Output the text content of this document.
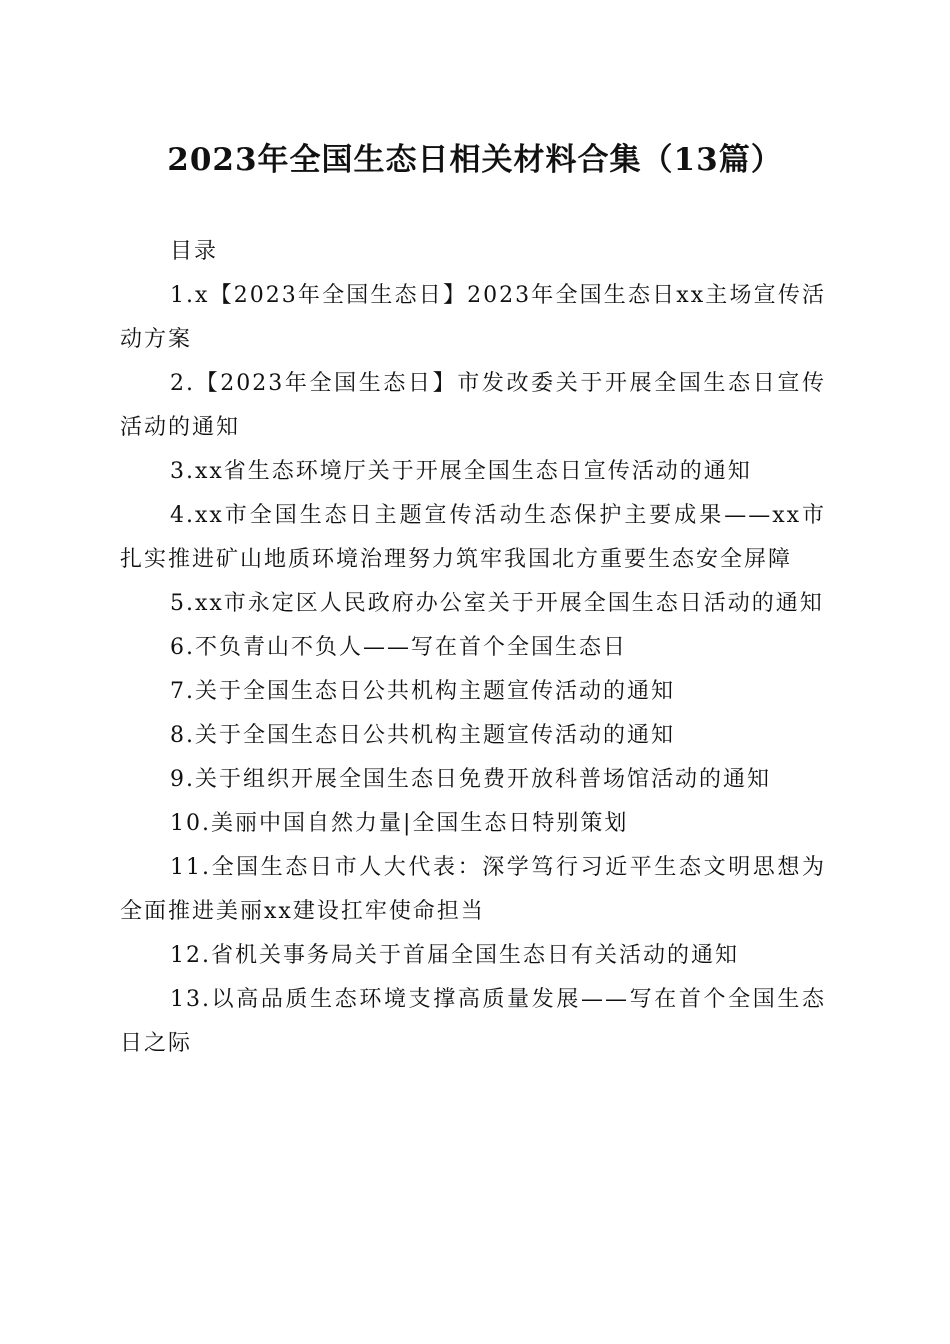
2023年全国生态日相关材料合集（13篇）

目录

1.x【2023年全国生态日】2023年全国生态日xx主场宣传活动方案
2.【2023年全国生态日】市发改委关于开展全国生态日宣传活动的通知
3.xx省生态环境厅关于开展全国生态日宣传活动的通知
4.xx市全国生态日主题宣传活动生态保护主要成果——xx市扎实推进矿山地质环境治理努力筑牢我国北方重要生态安全屏障
5.xx市永定区人民政府办公室关于开展全国生态日活动的通知
6.不负青山不负人——写在首个全国生态日
7.关于全国生态日公共机构主题宣传活动的通知
8.关于全国生态日公共机构主题宣传活动的通知
9.关于组织开展全国生态日免费开放科普场馆活动的通知
10.美丽中国自然力量|全国生态日特别策划
11.全国生态日市人大代表：深学笃行习近平生态文明思想为全面推进美丽xx建设扛牢使命担当
12.省机关事务局关于首届全国生态日有关活动的通知
13.以高品质生态环境支撑高质量发展——写在首个全国生态日之际
